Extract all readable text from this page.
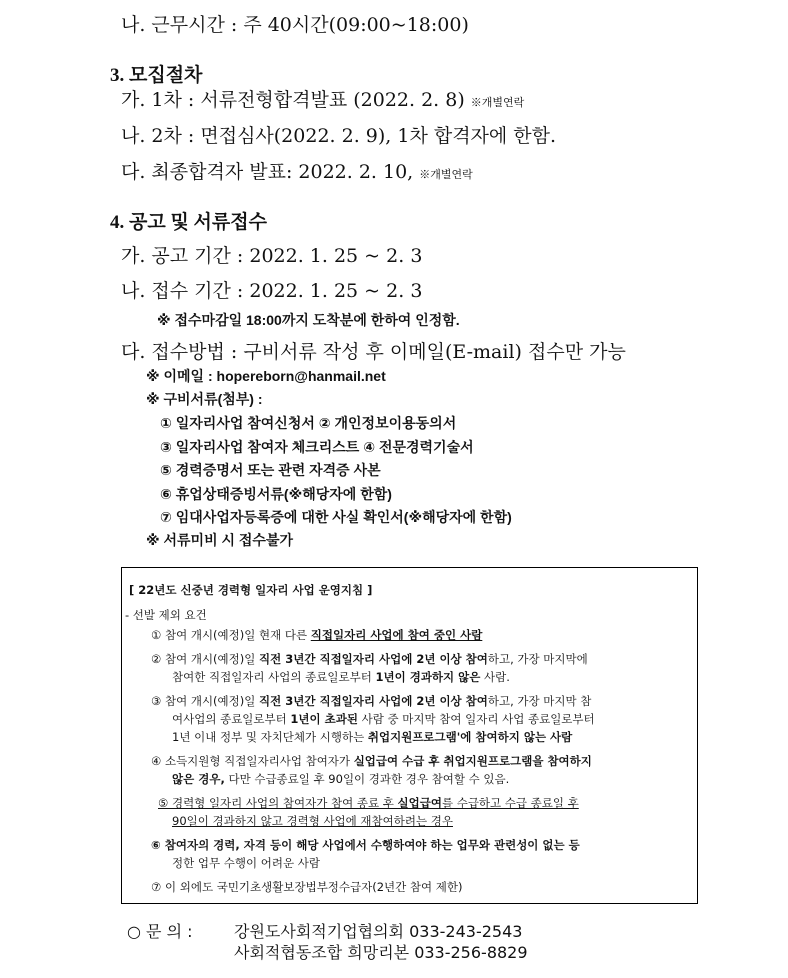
나. 근무시간 : 주 40시간(09:00~18:00)
3. 모집절차
가. 1차 : 서류전형합격발표 (2022. 2. 8) ※개별연락
나. 2차 : 면접심사(2022. 2. 9), 1차 합격자에 한함.
다. 최종합격자 발표: 2022. 2. 10, ※개별연락
4. 공고 및 서류접수
가. 공고 기간 : 2022. 1. 25 ~ 2. 3
나. 접수 기간 : 2022. 1. 25 ~ 2. 3
※ 접수마감일 18:00까지 도착분에 한하여 인정함.
다. 접수방법 : 구비서류 작성 후 이메일(E-mail) 접수만 가능
※ 이메일 : hopereborn@hanmail.net
※ 구비서류(첨부) :
① 일자리사업 참여신청서 ② 개인정보이용동의서
③ 일자리사업 참여자 체크리스트 ④ 전문경력기술서
⑤ 경력증명서 또는 관련 자격증 사본
⑥ 휴업상태증빙서류(※해당자에 한함)
⑦ 임대사업자등록증에 대한 사실 확인서(※해당자에 한함)
※ 서류미비 시 접수불가
[ 22년도 신중년 경력형 일자리 사업 운영지침 ]
- 선발 제외 요건
① 참여 개시(예정)일 현재 다른 직접일자리 사업에 참여 중인 사람
② 참여 개시(예정)일 직전 3년간 직접일자리 사업에 2년 이상 참여하고, 가장 마지막에
참여한 직접일자리 사업의 종료일로부터 1년이 경과하지 않은 사람.
③ 참여 개시(예정)일 직전 3년간 직접일자리 사업에 2년 이상 참여하고, 가장 마지막 참
여사업의 종료일로부터 1년이 초과된 사람 중 마지막 참여 일자리 사업 종료일로부터
1년 이내 정부 및 자치단체가 시행하는 취업지원프로그램'에 참여하지 않는 사람
④ 소득지원형 직접일자리사업 참여자가 실업급여 수급 후 취업지원프로그램을 참여하지
않은 경우, 다만 수급종료일 후 90일이 경과한 경우 참여할 수 있음.
⑤ 경력형 일자리 사업의 참여자가 참여 종료 후 실업급여를 수급하고 수급 종료일 후
90일이 경과하지 않고 경력형 사업에 재참여하려는 경우
⑥ 참여자의 경력, 자격 등이 해당 사업에서 수행하여야 하는 업무와 관련성이 없는 등
정한 업무 수행이 어려운 사람
⑦ 이 외에도 국민기초생활보장법부정수급자(2년간 참여 제한)
○ 문 의 :	강원도사회적기업협의회 033-243-2543
사회적협동조합 희망리본 033-256-8829
